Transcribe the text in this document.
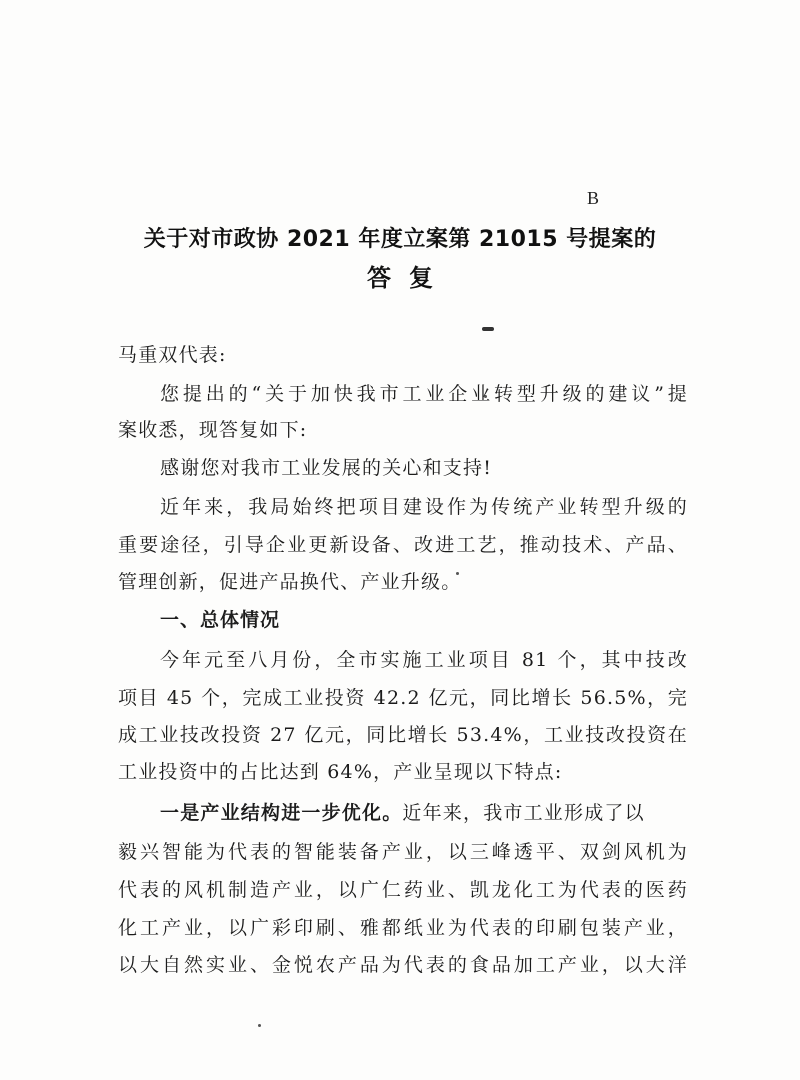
B
关于对市政协 2021 年度立案第 21015 号提案的
答复
马重双代表:
您提出的“关于加快我市工业企业转型升级的建议”提
案收悉，现答复如下:
感谢您对我市工业发展的关心和支持!
近年来，我局始终把项目建设作为传统产业转型升级的
重要途径，引导企业更新设备、改进工艺，推动技术、产品、
管理创新，促进产品换代、产业升级。
一、总体情况
今年元至八月份，全市实施工业项目 81 个，其中技改
项目 45 个，完成工业投资 42.2 亿元，同比增长 56.5%，完
成工业技改投资 27 亿元，同比增长 53.4%，工业技改投资在
工业投资中的占比达到 64%，产业呈现以下特点:
一是产业结构进一步优化。近年来，我市工业形成了以
毅兴智能为代表的智能装备产业，以三峰透平、双剑风机为
代表的风机制造产业，以广仁药业、凯龙化工为代表的医药
化工产业，以广彩印刷、雅都纸业为代表的印刷包装产业，
以大自然实业、金悦农产品为代表的食品加工产业，以大洋
